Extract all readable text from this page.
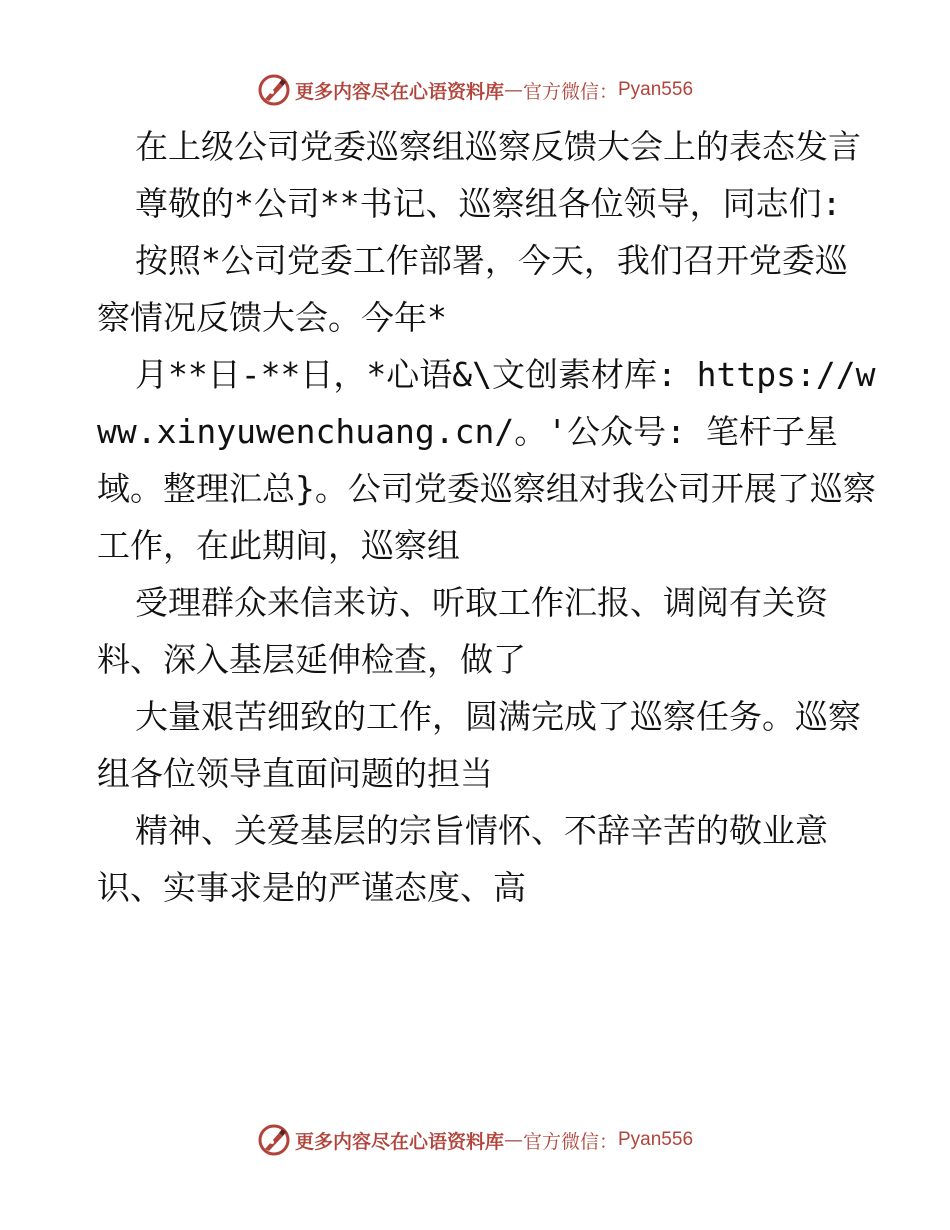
更多内容尽在心语资料库 — 官方微信： Pyan556

在上级公司党委巡察组巡察反馈大会上的表态发言

尊敬的*公司**书记、巡察组各位领导，同志们:

按照*公司党委工作部署，今天，我们召开党委巡察情况反馈大会。今年*

月**日-**日，*心语&\文创素材库: https://www.xinyuwenchuang.cn/。'公众号: 笔杆子星域。整理汇总}。公司党委巡察组对我公司开展了巡察工作，在此期间，巡察组

受理群众来信来访、听取工作汇报、调阅有关资料、深入基层延伸检查，做了

大量艰苦细致的工作，圆满完成了巡察任务。巡察组各位领导直面问题的担当

精神、关爱基层的宗旨情怀、不辞辛苦的敬业意识、实事求是的严谨态度、高

更多内容尽在心语资料库 — 官方微信： Pyan556
